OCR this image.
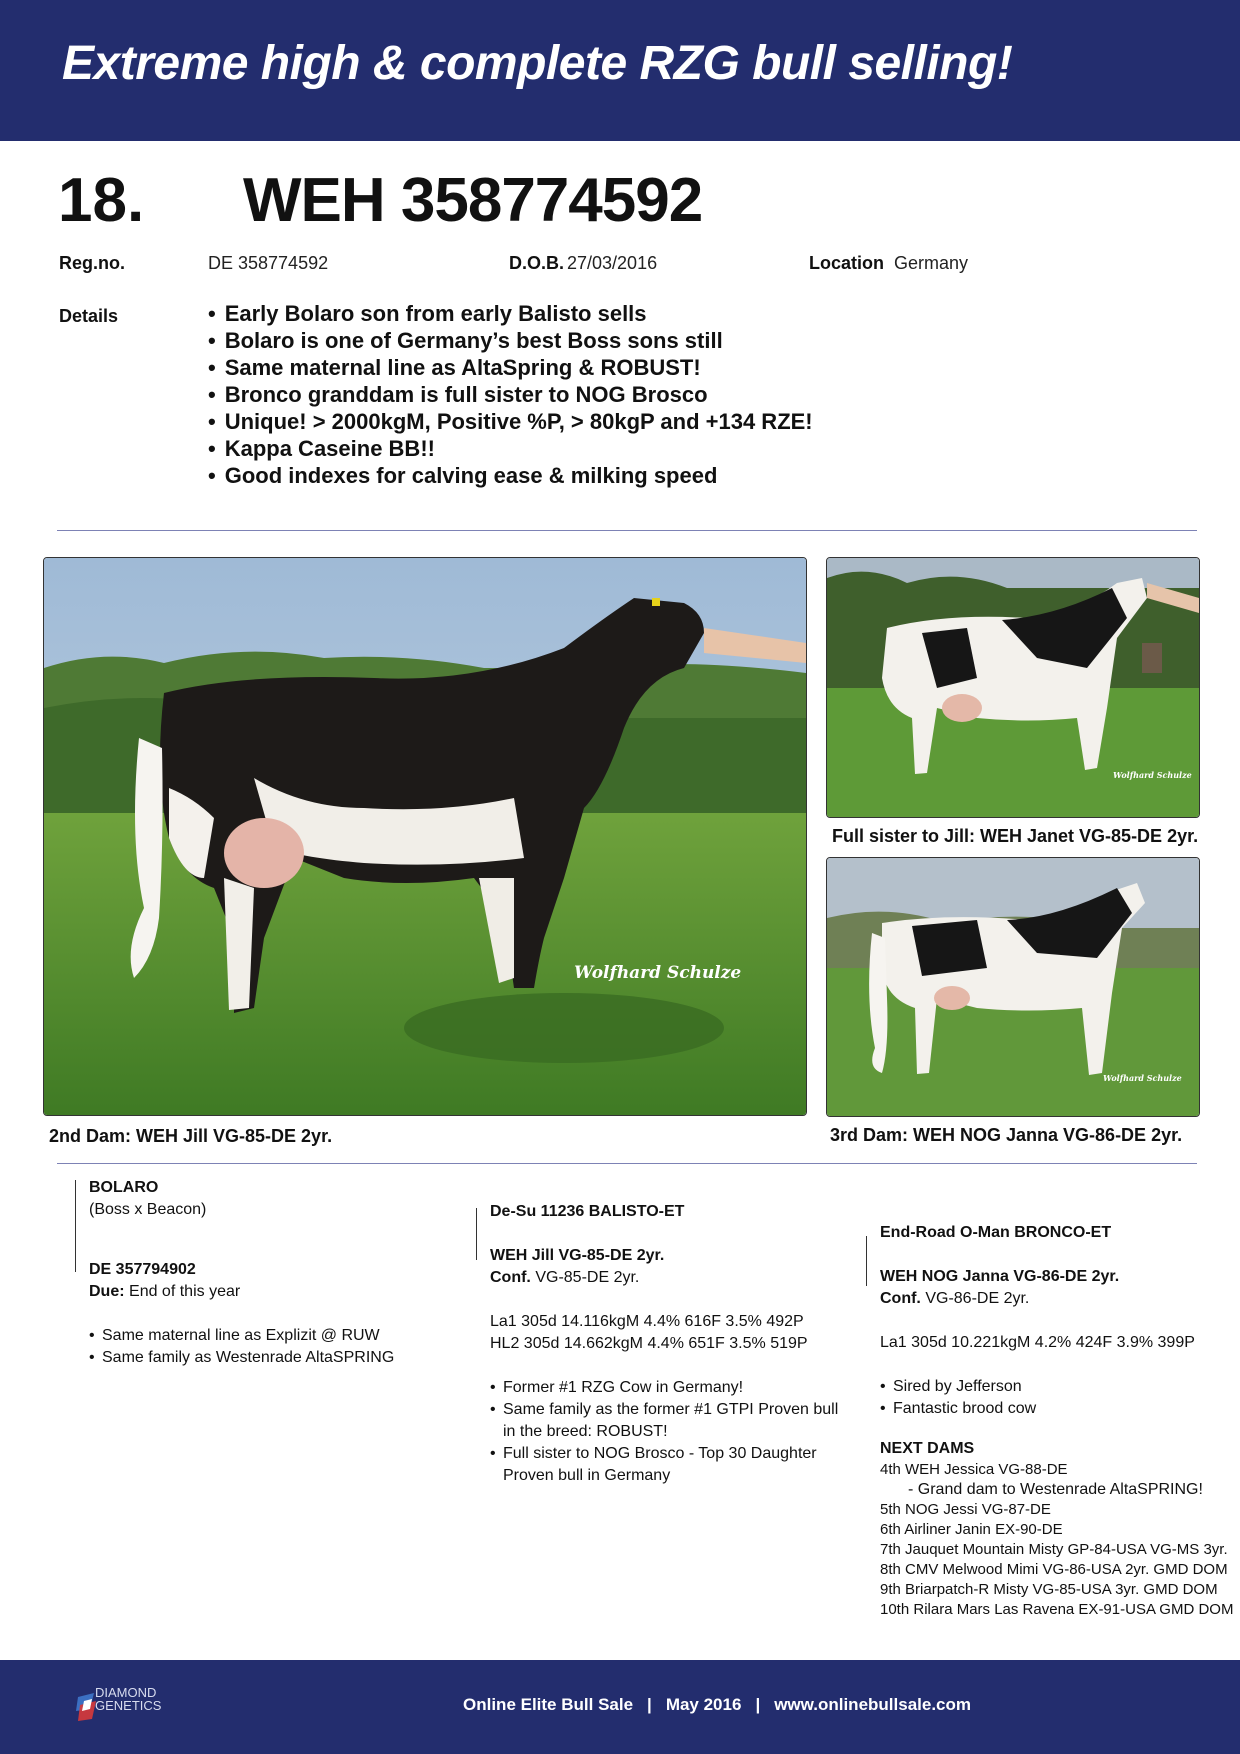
Extreme high & complete RZG bull selling!
18. WEH 358774592
Reg.no.	DE 358774592	D.O.B. 27/03/2016	Location Germany
Details
•	Early Bolaro son from early Balisto sells
• Bolaro is one of Germany’s best Boss sons still
• Same maternal line as AltaSpring & ROBUST!
• Bronco granddam is full sister to NOG Brosco
• Unique! > 2000kgM, Positive %P, > 80kgP and +134 RZE!
• Kappa Caseine BB!!
• Good indexes for calving ease & milking speed
Wolfhard Schulze
2nd Dam: WEH Jill VG-85-DE 2yr.
Wolfhard Schulze
Full sister to Jill: WEH Janet VG-85-DE 2yr.
Wolfhard Schulze
3rd Dam: WEH NOG Janna VG-86-DE 2yr.
BOLARO
(Boss x Beacon)
DE 357794902
Due: End of this year
• Same maternal line as Explizit @ RUW
• Same family as Westenrade AltaSPRING
De-Su 11236 BALISTO-ET
WEH Jill VG-85-DE 2yr.
Conf. VG-85-DE 2yr.
La1 305d 14.116kgM 4.4% 616F 3.5% 492P
HL2 305d 14.662kgM 4.4% 651F 3.5% 519P
• Former #1 RZG Cow in Germany!
• Same family as the former #1 GTPI Proven bull in the breed: ROBUST!
• Full sister to NOG Brosco - Top 30 Daughter Proven bull in Germany
End-Road O-Man BRONCO-ET
WEH NOG Janna VG-86-DE 2yr.
Conf. VG-86-DE 2yr.
La1 305d 10.221kgM 4.2% 424F 3.9% 399P
• Sired by Jefferson
• Fantastic brood cow
NEXT DAMS
4th WEH Jessica VG-88-DE
- Grand dam to Westenrade AltaSPRING!
5th NOG Jessi VG-87-DE
6th Airliner Janin EX-90-DE
7th Jauquet Mountain Misty GP-84-USA VG-MS 3yr.
8th CMV Melwood Mimi VG-86-USA 2yr. GMD DOM
9th Briarpatch-R Misty VG-85-USA 3yr. GMD DOM
10th Rilara Mars Las Ravena EX-91-USA GMD DOM
DIAMOND
GENETICS	Online Elite Bull Sale | May 2016 | www.onlinebullsale.com
